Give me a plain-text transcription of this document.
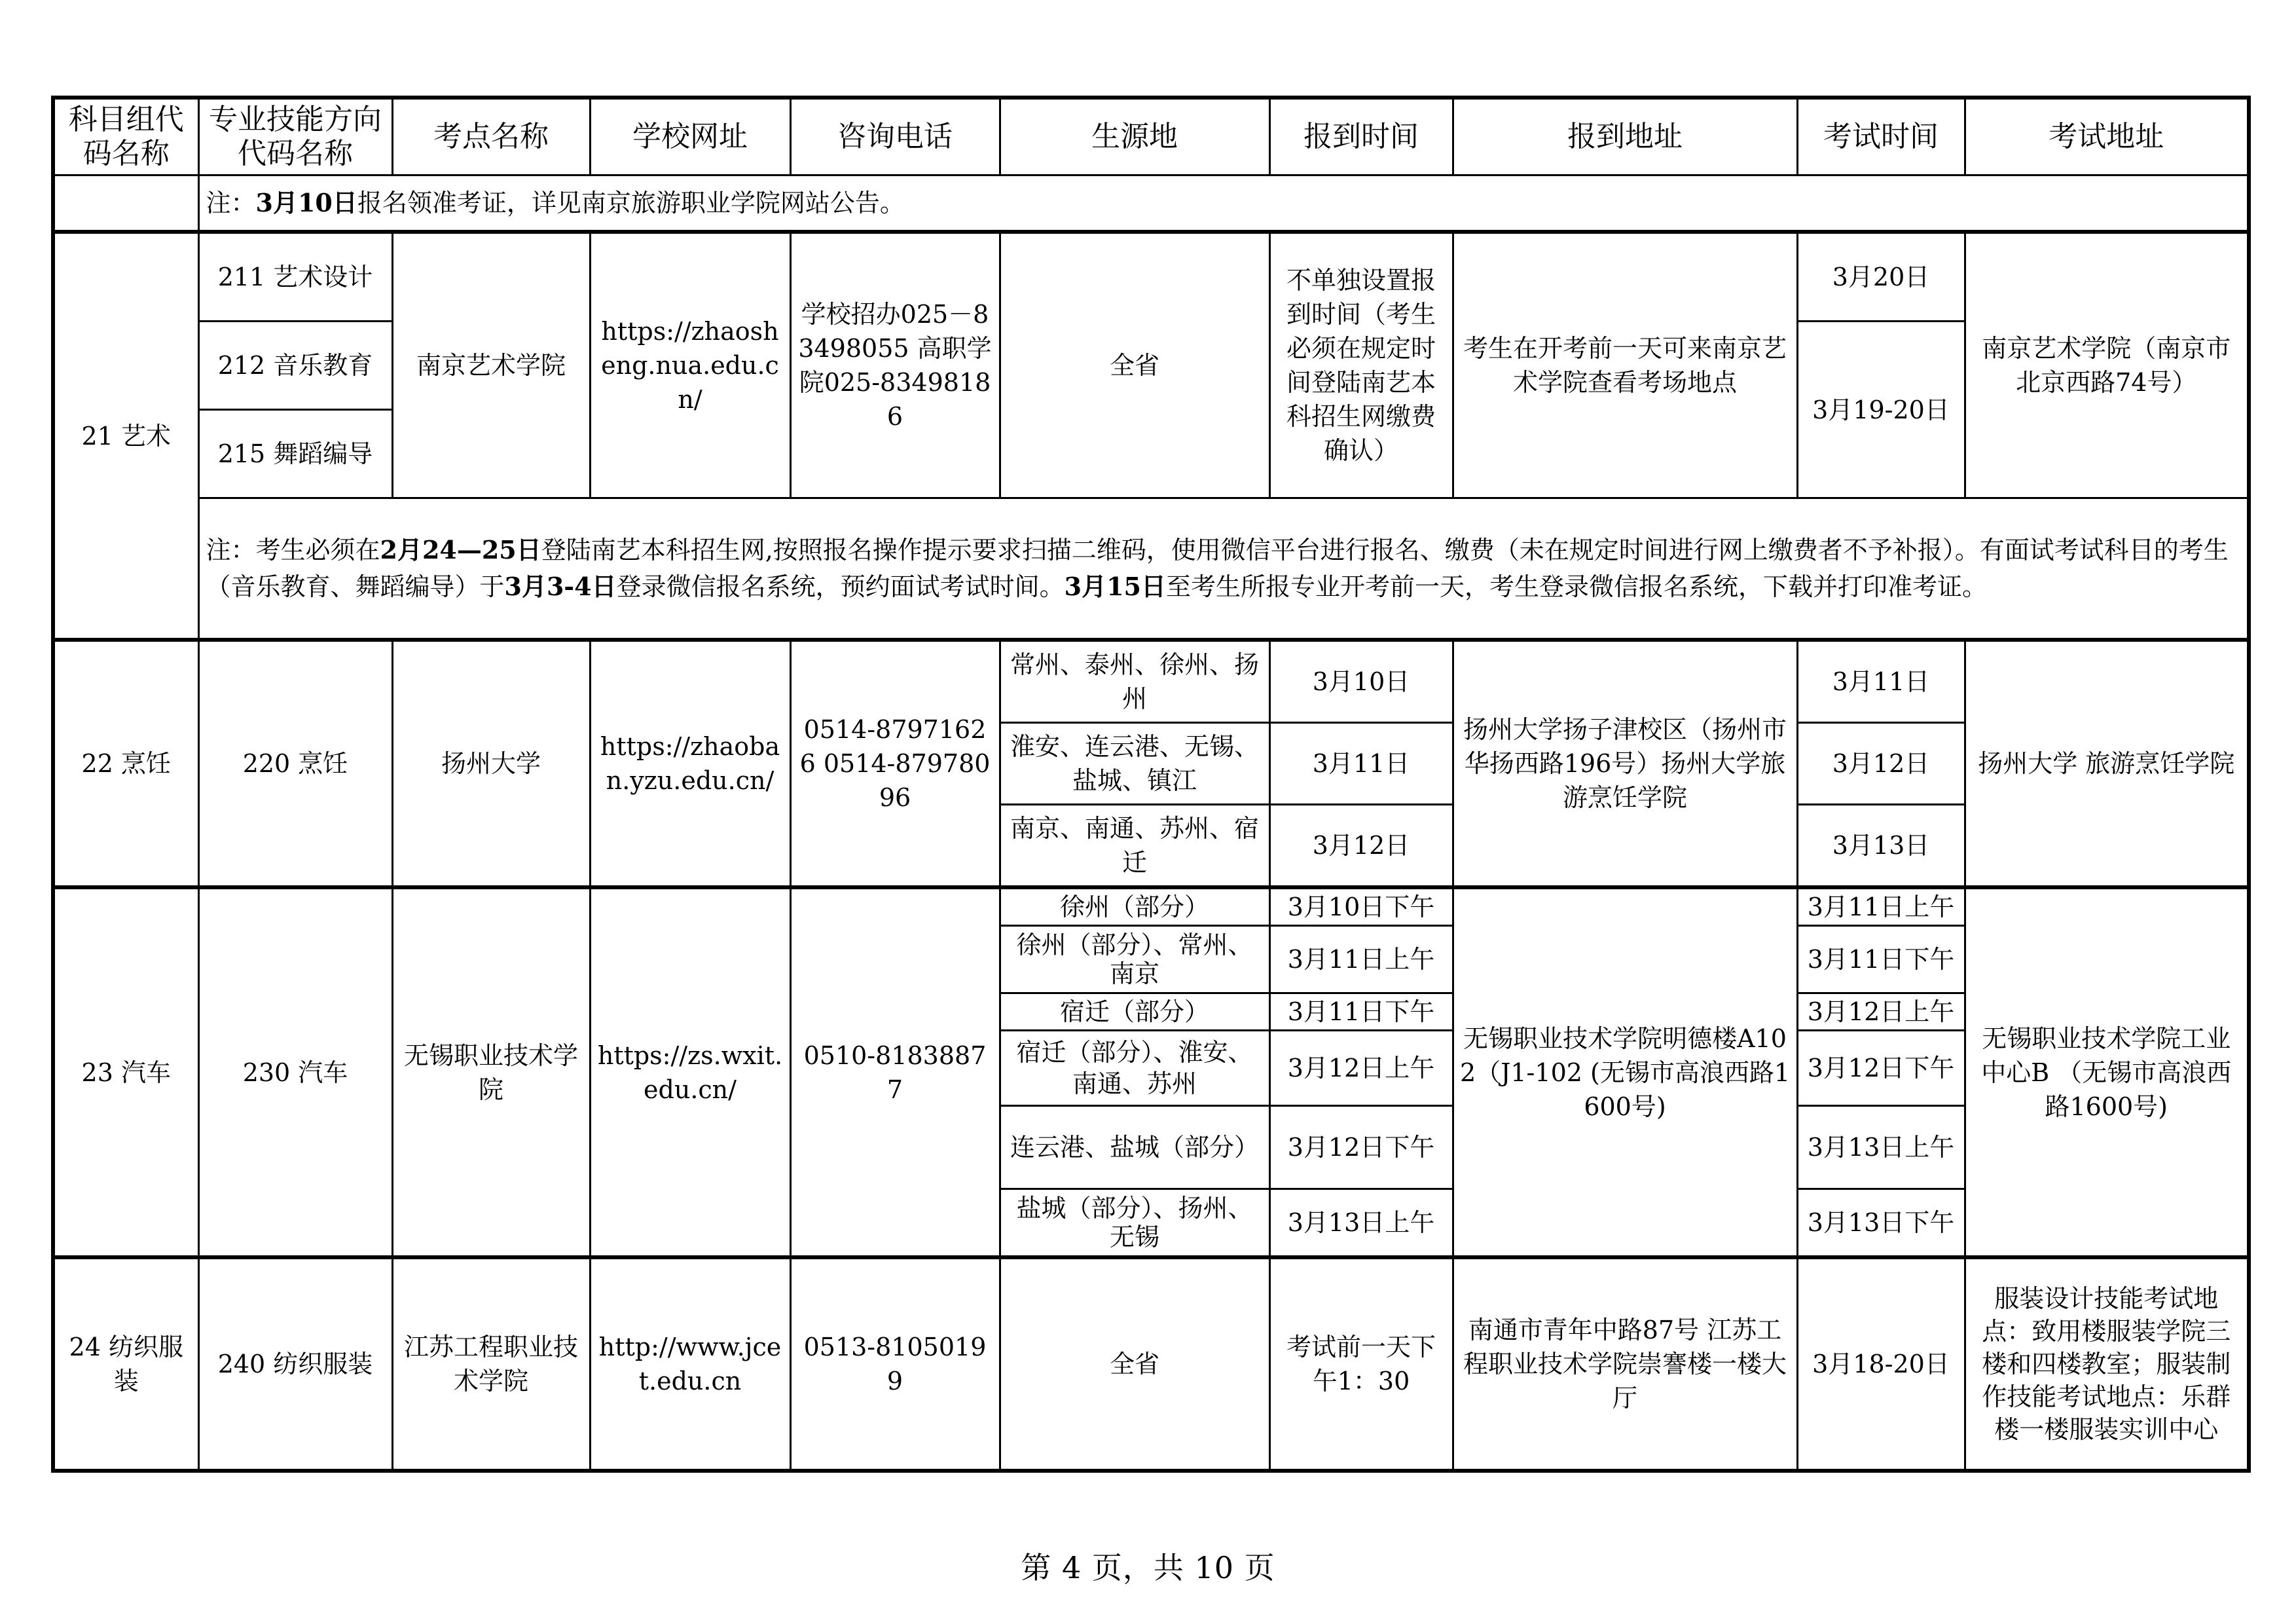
科目组代码名称	专业技能方向代码名称	考点名称	学校网址	咨询电话	生源地	报到时间	报到地址	考试时间	考试地址
	注：3月10日报名领准考证，详见南京旅游职业学院网站公告。								
21 艺术	211 艺术设计	南京艺术学院	https://zhaosheng.nua.edu.cn/	学校招办025－83498055 高职学院025-83498186	全省	不单独设置报到时间（考生必须在规定时间登陆南艺本科招生网缴费确认）	考生在开考前一天可来南京艺术学院查看考场地点	3月20日	南京艺术学院（南京市北京西路74号）
	212 音乐教育							3月19-20日	
	215 舞蹈编导								
	注：考生必须在2月24—25日登陆南艺本科招生网,按照报名操作提示要求扫描二维码，使用微信平台进行报名、缴费（未在规定时间进行网上缴费者不予补报）。有面试考试科目的考生（音乐教育、舞蹈编导）于3月3-4日登录微信报名系统，预约面试考试时间。3月15日至考生所报专业开考前一天，考生登录微信报名系统，下载并打印准考证。								
22 烹饪	220 烹饪	扬州大学	https://zhaoban.yzu.edu.cn/	0514-87971626 0514-87978096	常州、泰州、徐州、扬州	3月10日	扬州大学扬子津校区（扬州市华扬西路196号）扬州大学旅游烹饪学院	3月11日	扬州大学 旅游烹饪学院
					淮安、连云港、无锡、盐城、镇江	3月11日		3月12日	
					南京、南通、苏州、宿迁	3月12日		3月13日	
23 汽车	230 汽车	无锡职业技术学院	https://zs.wxit.edu.cn/	0510-81838877	徐州（部分）	3月10日下午	无锡职业技术学院明德楼A102（J1-102 (无锡市高浪西路1600号)	3月11日上午	无锡职业技术学院工业中心B （无锡市高浪西路1600号)
					徐州（部分）、常州、南京	3月11日上午		3月11日下午	
					宿迁（部分）	3月11日下午		3月12日上午	
					宿迁（部分）、淮安、南通、苏州	3月12日上午		3月12日下午	
					连云港、盐城（部分）	3月12日下午		3月13日上午	
					盐城（部分）、扬州、无锡	3月13日上午		3月13日下午	
24 纺织服装	240 纺织服装	江苏工程职业技术学院	http://www.jcet.edu.cn	0513-81050199	全省	考试前一天下午1：30	南通市青年中路87号 江苏工程职业技术学院崇謇楼一楼大厅	3月18-20日	服装设计技能考试地点：致用楼服装学院三楼和四楼教室；服装制作技能考试地点：乐群楼一楼服装实训中心
第 4 页，共 10 页
